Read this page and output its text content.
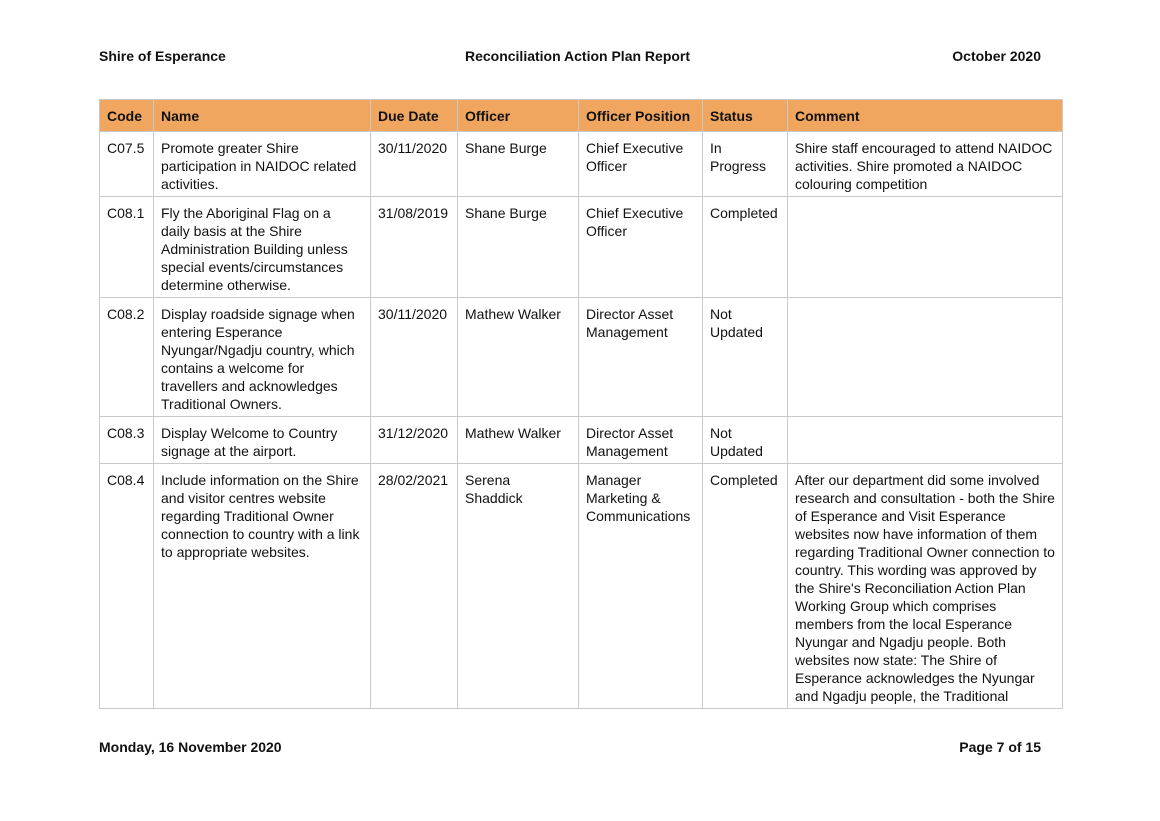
Shire of Esperance	Reconciliation Action Plan Report	October 2020
Code	Name	Due Date	Officer	Officer Position	Status	Comment
C07.5	Promote greater Shire participation in NAIDOC related activities.	30/11/2020	Shane Burge	Chief Executive Officer	In Progress	Shire staff encouraged to attend NAIDOC activities. Shire promoted a NAIDOC colouring competition
C08.1	Fly the Aboriginal Flag on a daily basis at the Shire Administration Building unless special events/circumstances determine otherwise.	31/08/2019	Shane Burge	Chief Executive Officer	Completed	
C08.2	Display roadside signage when entering Esperance Nyungar/Ngadju country, which contains a welcome for travellers and acknowledges Traditional Owners.	30/11/2020	Mathew Walker	Director Asset Management	Not Updated	
C08.3	Display Welcome to Country signage at the airport.	31/12/2020	Mathew Walker	Director Asset Management	Not Updated	
C08.4	Include information on the Shire and visitor centres website regarding Traditional Owner connection to country with a link to appropriate websites.	28/02/2021	Serena Shaddick	Manager Marketing & Communications	Completed	After our department did some involved research and consultation - both the Shire of Esperance and Visit Esperance websites now have information of them regarding Traditional Owner connection to country. This wording was approved by the Shire's Reconciliation Action Plan Working Group which comprises members from the local Esperance Nyungar and Ngadju people. Both websites now state: The Shire of Esperance acknowledges the Nyungar and Ngadju people, the Traditional
Monday, 16 November 2020	Page 7 of 15
